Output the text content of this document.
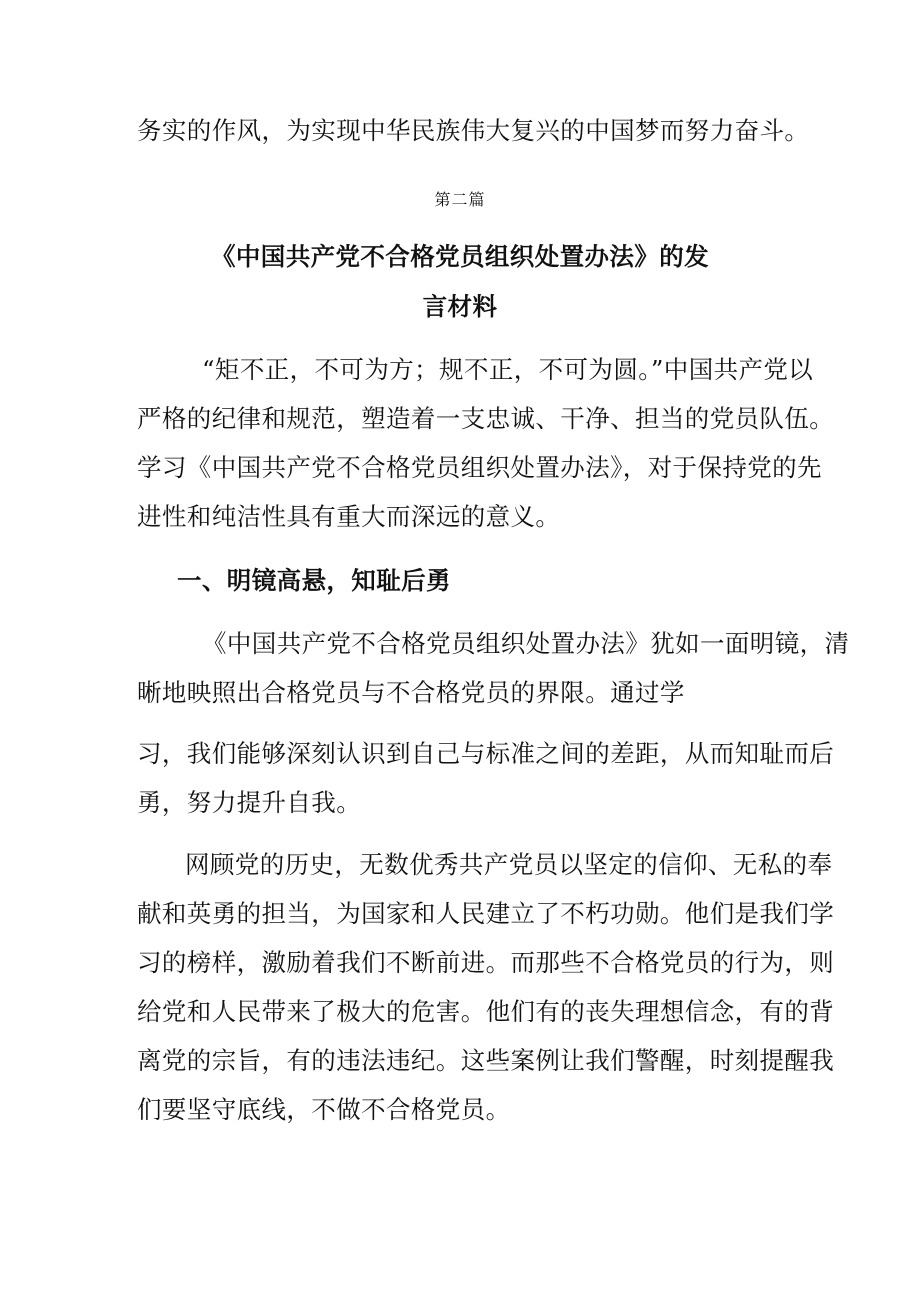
务实的作风，为实现中华民族伟大复兴的中国梦而努力奋斗。
第二篇
《中国共产党不合格党员组织处置办法》的发
言材料
“矩不正，不可为方；规不正，不可为圆。”中国共产党以
严格的纪律和规范，塑造着一支忠诚、干净、担当的党员队伍。
学习《中国共产党不合格党员组织处置办法》，对于保持党的先
进性和纯洁性具有重大而深远的意义。
一、明镜高悬，知耻后勇
《中国共产党不合格党员组织处置办法》犹如一面明镜，清
晰地映照出合格党员与不合格党员的界限。通过学
习，我们能够深刻认识到自己与标准之间的差距，从而知耻而后
勇，努力提升自我。
网顾党的历史，无数优秀共产党员以坚定的信仰、无私的奉
献和英勇的担当，为国家和人民建立了不朽功勋。他们是我们学
习的榜样，激励着我们不断前进。而那些不合格党员的行为，则
给党和人民带来了极大的危害。他们有的丧失理想信念，有的背
离党的宗旨，有的违法违纪。这些案例让我们警醒，时刻提醒我
们要坚守底线，不做不合格党员。
